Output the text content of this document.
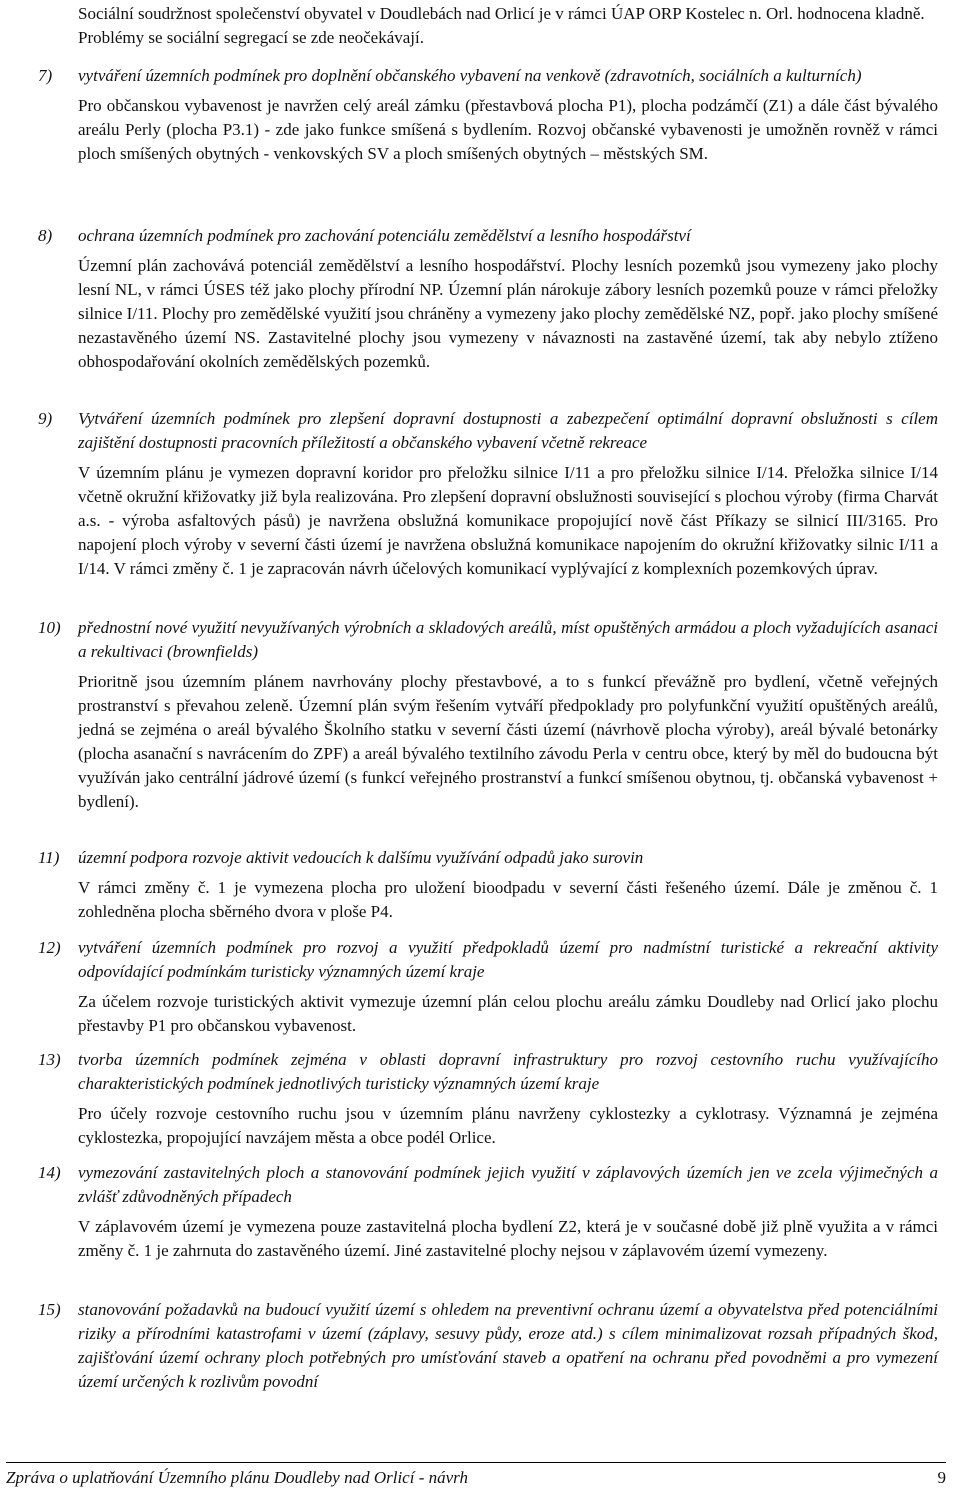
Sociální soudržnost společenství obyvatel v Doudlebách nad Orlicí je v rámci ÚAP ORP Kostelec n. Orl. hodnocena kladně. Problémy se sociální segregací se zde neočekávají.

7) vytváření územních podmínek pro doplnění občanského vybavení na venkově (zdravotních, sociálních a kulturních)

Pro občanskou vybavenost je navržen celý areál zámku (přestavbová plocha P1), plocha podzámčí (Z1) a dále část bývalého areálu Perly (plocha P3.1) - zde jako funkce smíšená s bydlením. Rozvoj občanské vybavenosti je umožněn rovněž v rámci ploch smíšených obytných - venkovských SV a ploch smíšených obytných – městských SM.

8) ochrana územních podmínek pro zachování potenciálu zemědělství a lesního hospodářství

Územní plán zachovává potenciál zemědělství a lesního hospodářství. Plochy lesních pozemků jsou vymezeny jako plochy lesní NL, v rámci ÚSES též jako plochy přírodní NP. Územní plán nárokuje zábory lesních pozemků pouze v rámci přeložky silnice I/11. Plochy pro zemědělské využití jsou chráněny a vymezeny jako plochy zemědělské NZ, popř. jako plochy smíšené nezastavěného území NS. Zastavitelné plochy jsou vymezeny v návaznosti na zastavěné území, tak aby nebylo ztíženo obhospodařování okolních zemědělských pozemků.

9) Vytváření územních podmínek pro zlepšení dopravní dostupnosti a zabezpečení optimální dopravní obslužnosti s cílem zajištění dostupnosti pracovních příležitostí a občanského vybavení včetně rekreace

V územním plánu je vymezen dopravní koridor pro přeložku silnice I/11 a pro přeložku silnice I/14. Přeložka silnice I/14 včetně okružní křižovatky již byla realizována. Pro zlepšení dopravní obslužnosti související s plochou výroby (firma Charvát a.s. - výroba asfaltových pásů) je navržena obslužná komunikace propojující nově část Příkazy se silnicí III/3165. Pro napojení ploch výroby v severní části území je navržena obslužná komunikace napojením do okružní křižovatky silnic I/11 a I/14. V rámci změny č. 1 je zapracován návrh účelových komunikací vyplývající z komplexních pozemkových úprav.

10) přednostní nové využití nevyužívaných výrobních a skladových areálů, míst opuštěných armádou a ploch vyžadujících asanaci a rekultivaci (brownfields)

Prioritně jsou územním plánem navrhovány plochy přestavbové, a to s funkcí převážně pro bydlení, včetně veřejných prostranství s převahou zeleně. Územní plán svým řešením vytváří předpoklady pro polyfunkční využití opuštěných areálů, jedná se zejména o areál bývalého Školního statku v severní části území (návrhově plocha výroby), areál bývalé betonárky (plocha asanační s navrácením do ZPF) a areál bývalého textilního závodu Perla v centru obce, který by měl do budoucna být využíván jako centrální jádrové území (s funkcí veřejného prostranství a funkcí smíšenou obytnou, tj. občanská vybavenost + bydlení).

11) územní podpora rozvoje aktivit vedoucích k dalšímu využívání odpadů jako surovin

V rámci změny č. 1 je vymezena plocha pro uložení bioodpadu v severní části řešeného území. Dále je změnou č. 1 zohledněna plocha sběrného dvora v ploše P4.

12) vytváření územních podmínek pro rozvoj a využití předpokladů území pro nadmístní turistické a rekreační aktivity odpovídající podmínkám turisticky významných území kraje

Za účelem rozvoje turistických aktivit vymezuje územní plán celou plochu areálu zámku Doudleby nad Orlicí jako plochu přestavby P1 pro občanskou vybavenost.

13) tvorba územních podmínek zejména v oblasti dopravní infrastruktury pro rozvoj cestovního ruchu využívajícího charakteristických podmínek jednotlivých turisticky významných území kraje

Pro účely rozvoje cestovního ruchu jsou v územním plánu navrženy cyklostezky a cyklotrasy. Významná je zejména cyklostezka, propojující navzájem města a obce podél Orlice.

14) vymezování zastavitelných ploch a stanovování podmínek jejich využití v záplavových územích jen ve zcela výjimečných a zvlášť zdůvodněných případech

V záplavovém území je vymezena pouze zastavitelná plocha bydlení Z2, která je v současné době již plně využita a v rámci změny č. 1 je zahrnuta do zastavěného území. Jiné zastavitelné plochy nejsou v záplavovém území vymezeny.

15) stanovování požadavků na budoucí využití území s ohledem na preventivní ochranu území a obyvatelstva před potenciálními riziky a přírodními katastrofami v území (záplavy, sesuvy půdy, eroze atd.) s cílem minimalizovat rozsah případných škod, zajišťování území ochrany ploch potřebných pro umísťování staveb a opatření na ochranu před povodněmi a pro vymezení území určených k rozlivům povodní

Zpráva o uplatňování Územního plánu Doudleby nad Orlicí - návrh	9
